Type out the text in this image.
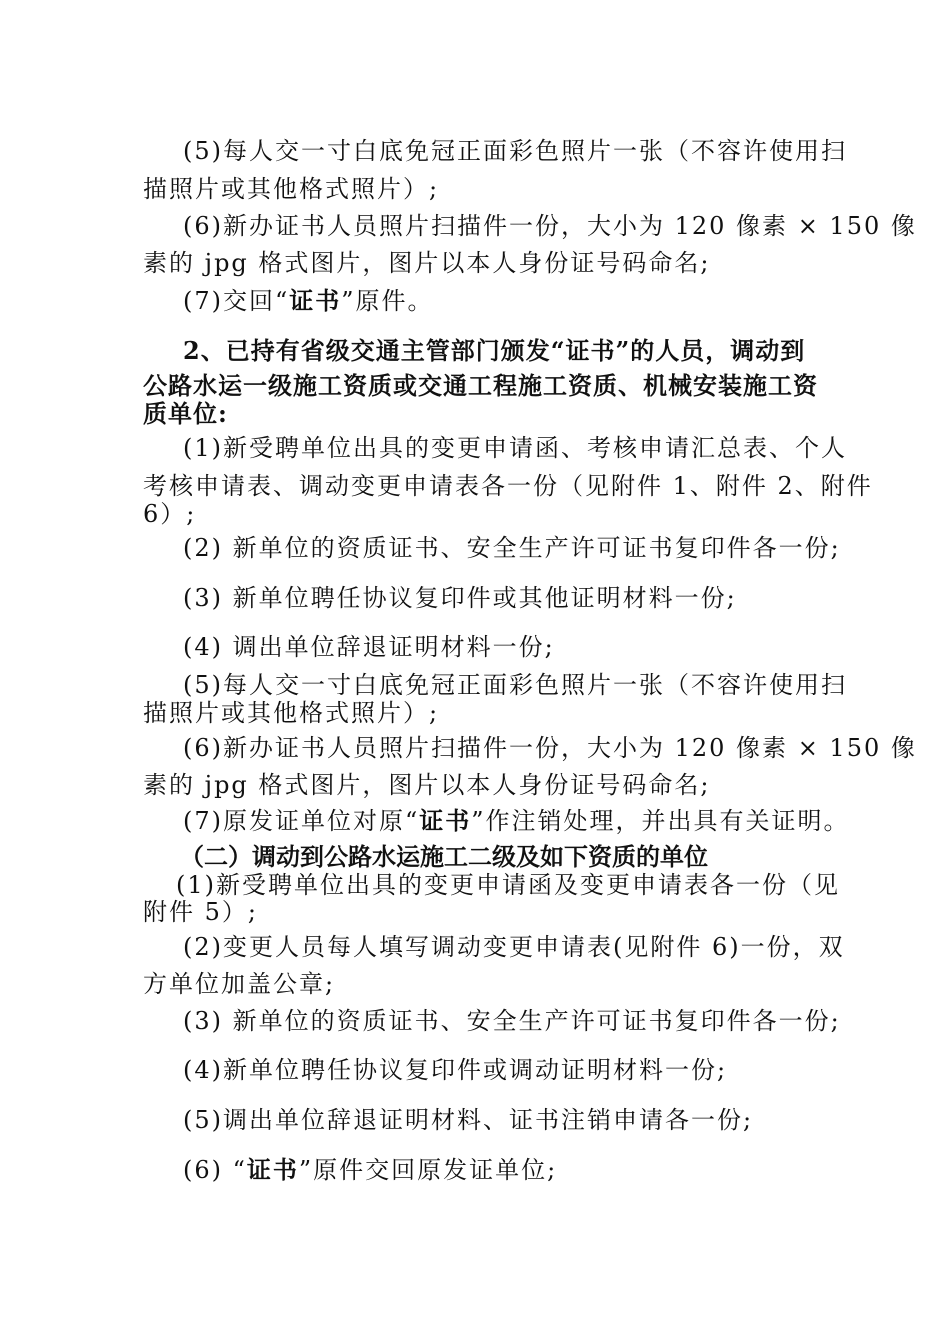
(5)每人交一寸白底免冠正面彩色照片一张（不容许使用扫
描照片或其他格式照片）;
(6)新办证书人员照片扫描件一份，大小为 120 像素 × 150 像
素的 jpg 格式图片，图片以本人身份证号码命名;
(7)交回“证书”原件。
2、已持有省级交通主管部门颁发“证书”的人员，调动到
公路水运一级施工资质或交通工程施工资质、机械安装施工资
质单位:
(1)新受聘单位出具的变更申请函、考核申请汇总表、个人
考核申请表、调动变更申请表各一份（见附件 1、附件 2、附件
6）;
(2) 新单位的资质证书、安全生产许可证书复印件各一份;
(3) 新单位聘任协议复印件或其他证明材料一份;
(4) 调出单位辞退证明材料一份;
(5)每人交一寸白底免冠正面彩色照片一张（不容许使用扫
描照片或其他格式照片）;
(6)新办证书人员照片扫描件一份，大小为 120 像素 × 150 像
素的 jpg 格式图片，图片以本人身份证号码命名;
(7)原发证单位对原“证书”作注销处理，并出具有关证明。
（二）调动到公路水运施工二级及如下资质的单位
(1)新受聘单位出具的变更申请函及变更申请表各一份（见
附件 5）;
(2)变更人员每人填写调动变更申请表(见附件 6)一份，双
方单位加盖公章;
(3) 新单位的资质证书、安全生产许可证书复印件各一份;
(4)新单位聘任协议复印件或调动证明材料一份;
(5)调出单位辞退证明材料、证书注销申请各一份;
(6) “证书”原件交回原发证单位;
